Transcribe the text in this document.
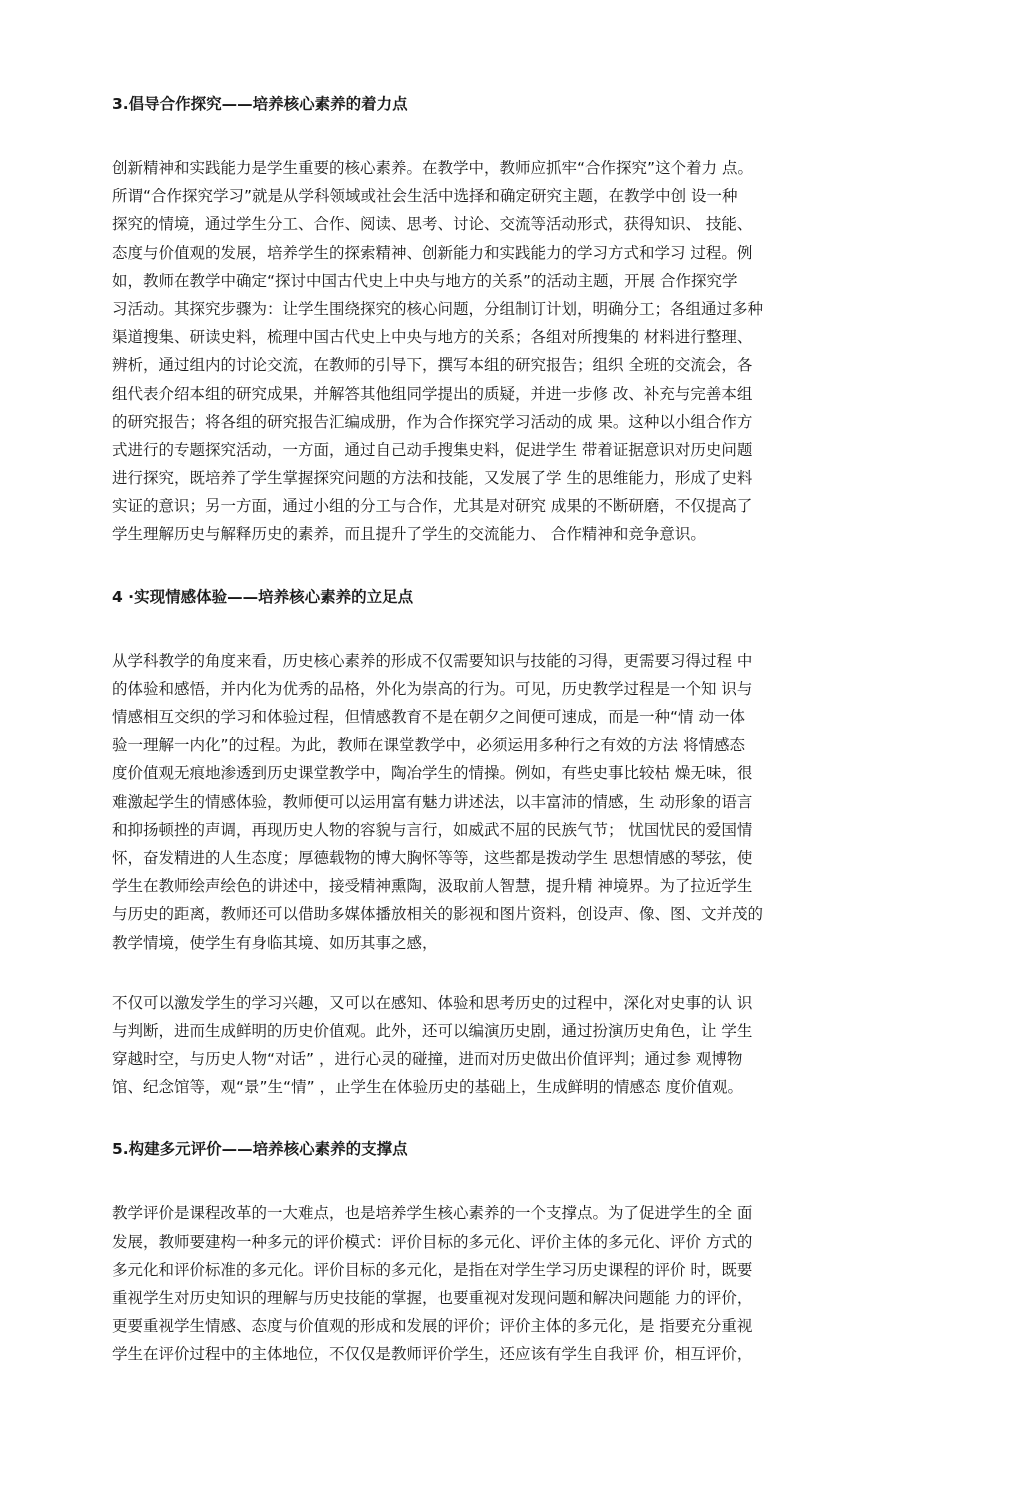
3.倡导合作探究——培养核心素养的着力点
创新精神和实践能力是学生重要的核心素养。在教学中，教师应抓牢“合作探究”这个着力 点。
所谓“合作探究学习”就是从学科领域或社会生活中选择和确定研究主题，在教学中创 设一种
探究的情境，通过学生分工、合作、阅读、思考、讨论、交流等活动形式，获得知识、 技能、
态度与价值观的发展，培养学生的探索精神、创新能力和实践能力的学习方式和学习 过程。例
如，教师在教学中确定“探讨中国古代史上中央与地方的关系”的活动主题，开展 合作探究学
习活动。其探究步骤为：让学生围绕探究的核心问题，分组制订计划，明确分工；各组通过多种
渠道搜集、研读史料，梳理中国古代史上中央与地方的关系；各组对所搜集的 材料进行整理、
辨析，通过组内的讨论交流，在教师的引导下，撰写本组的研究报告；组织 全班的交流会，各
组代表介绍本组的研究成果，并解答其他组同学提出的质疑，并进一步修 改、补充与完善本组
的研究报告；将各组的研究报告汇编成册，作为合作探究学习活动的成 果。这种以小组合作方
式进行的专题探究活动，一方面，通过自己动手搜集史料，促进学生 带着证据意识对历史问题
进行探究，既培养了学生掌握探究问题的方法和技能，又发展了学 生的思维能力，形成了史料
实证的意识；另一方面，通过小组的分工与合作，尤其是对研究 成果的不断研磨，不仅提高了
学生理解历史与解释历史的素养，而且提升了学生的交流能力、 合作精神和竞争意识。
4 ·实现情感体验——培养核心素养的立足点
从学科教学的角度来看，历史核心素养的形成不仅需要知识与技能的习得，更需要习得过程 中
的体验和感悟，并内化为优秀的品格，外化为崇高的行为。可见，历史教学过程是一个知 识与
情感相互交织的学习和体验过程，但情感教育不是在朝夕之间便可速成，而是一种“情 动一体
验一理解一内化”的过程。为此，教师在课堂教学中，必须运用多种行之有效的方法 将情感态
度价值观无痕地渗透到历史课堂教学中，陶冶学生的情操。例如，有些史事比较枯 燥无味，很
难激起学生的情感体验，教师便可以运用富有魅力讲述法，以丰富沛的情感，生 动形象的语言
和抑扬顿挫的声调，再现历史人物的容貌与言行，如威武不屈的民族气节； 忧国忧民的爱国情
怀，奋发精进的人生态度；厚德载物的博大胸怀等等，这些都是拨动学生 思想情感的琴弦，使
学生在教师绘声绘色的讲述中，接受精神熏陶，汲取前人智慧，提升精 神境界。为了拉近学生
与历史的距离，教师还可以借助多媒体播放相关的影视和图片资料，创设声、像、图、文并茂的
教学情境，使学生有身临其境、如历其事之感，
不仅可以激发学生的学习兴趣，又可以在感知、体验和思考历史的过程中，深化对史事的认 识
与判断，进而生成鲜明的历史价值观。此外，还可以编演历史剧，通过扮演历史角色，让 学生
穿越时空，与历史人物“对话” ，进行心灵的碰撞，进而对历史做出价值评判；通过参 观博物
馆、纪念馆等，观“景”生“情” ，止学生在体验历史的基础上，生成鲜明的情感态 度价值观。
5.构建多元评价——培养核心素养的支撑点
教学评价是课程改革的一大难点，也是培养学生核心素养的一个支撑点。为了促进学生的全 面
发展，教师要建构一种多元的评价模式：评价目标的多元化、评价主体的多元化、评价 方式的
多元化和评价标准的多元化。评价目标的多元化，是指在对学生学习历史课程的评价 时，既要
重视学生对历史知识的理解与历史技能的掌握，也要重视对发现问题和解决问题能 力的评价，
更要重视学生情感、态度与价值观的形成和发展的评价；评价主体的多元化，是 指要充分重视
学生在评价过程中的主体地位，不仅仅是教师评价学生，还应该有学生自我评 价，相互评价，
